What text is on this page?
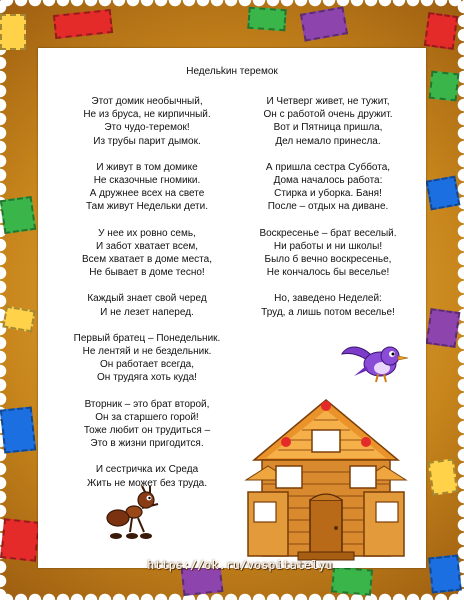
Недельkин теремок
Этот домик необычный,
Не из бруса, не кирпичный.
Это чудо-теремок!
Из трубы парит дымок.
И живут в том домике
Не сказочные гномики.
А дружнее всех на свете
Там живут Недельки дети.
У нее их ровно семь,
И забот хватает всем,
Всем хватает в доме места,
Не бывает в доме тесно!
Каждый знает свой черед
И не лезет наперед.
Первый братец – Понедельник.
Не лентяй и не бездельник.
Он работает всегда,
Он трудяга хоть куда!
Вторник – это брат второй,
Он за старшего горой!
Тоже любит он трудиться –
Это в жизни пригодится.
И сестричка их Среда
Жить не может без труда.
И Четверг живет, не тужит,
Он с работой очень дружит.
Вот и Пятница пришла,
Дел немало принесла.
А пришла сестра Суббота,
Дома началось работа:
Стирка и уборка. Баня!
После – отдых на диване.
Воскресенье – брат веселый.
Ни работы и ни школы!
Было б вечно воскресенье,
Не кончалось бы веселье!
Но, заведено Неделей:
Труд, а лишь потом веселье!
https://ok.ru/vospitatelyu
